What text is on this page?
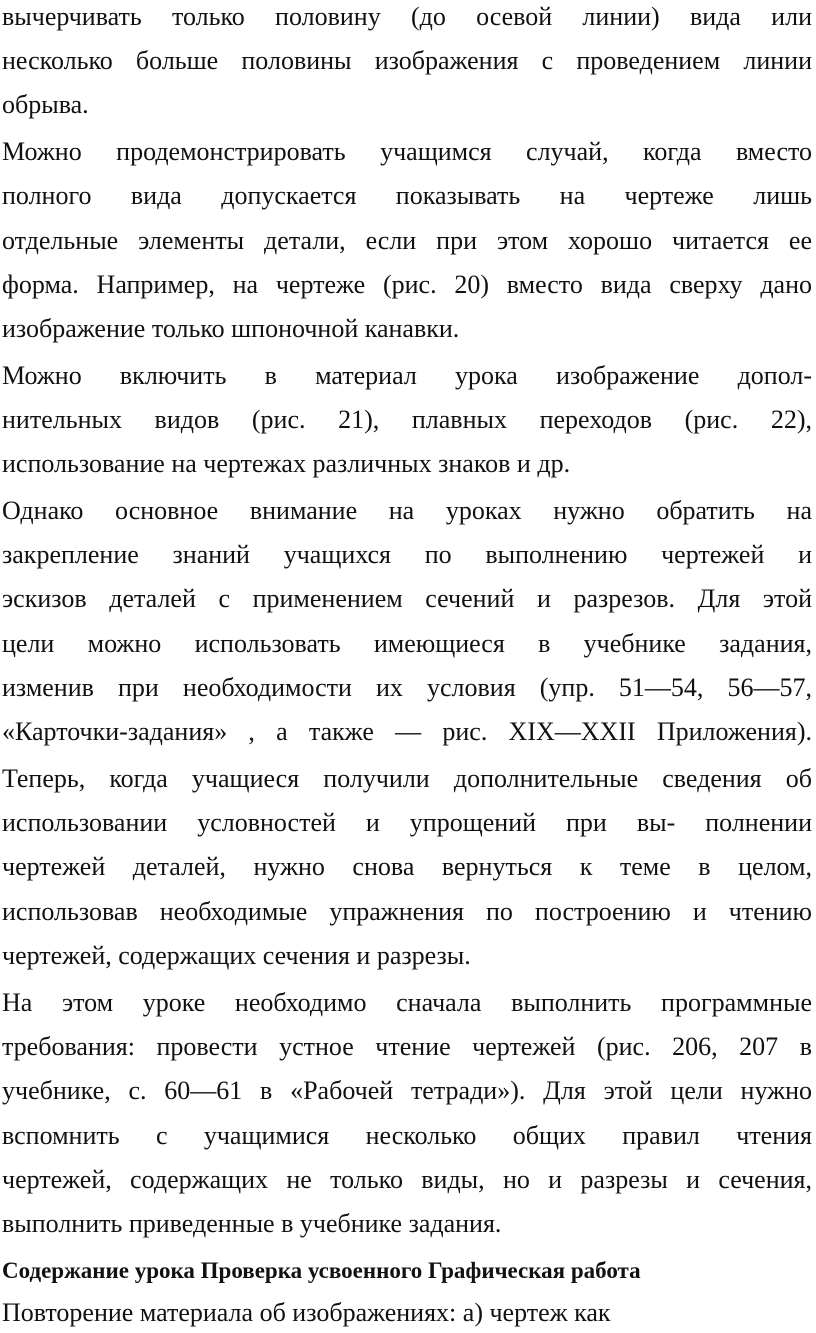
вычерчивать только половину (до осевой линии) вида или
несколько больше половины изображения с проведением линии
обрыва.
Можно продемонстрировать учащимся случай, когда вместо
полного вида допускается показывать на чертеже лишь
отдельные элементы детали, если при этом хорошо читается ее
форма. Например, на чертеже (рис. 20) вместо вида сверху дано
изображение только шпоночной канавки.
Можно включить в материал урока изображение допол-
нительных видов (рис. 21), плавных переходов (рис. 22),
использование на чертежах различных знаков и др.
Однако основное внимание на уроках нужно обратить на
закрепление знаний учащихся по выполнению чертежей и
эскизов деталей с применением сечений и разрезов. Для этой
цели можно использовать имеющиеся в учебнике задания,
изменив при необходимости их условия (упр. 51—54, 56—57,
«Карточки-задания» , а также — рис. XIX—XXII Приложения).
Теперь, когда учащиеся получили дополнительные сведения об
использовании условностей и упрощений при вы- полнении
чертежей деталей, нужно снова вернуться к теме в целом,
использовав необходимые упражнения по построению и чтению
чертежей, содержащих сечения и разрезы.
На этом уроке необходимо сначала выполнить программные
требования: провести устное чтение чертежей (рис. 206, 207 в
учебнике, с. 60—61 в «Рабочей тетради»). Для этой цели нужно
вспомнить с учащимися несколько общих правил чтения
чертежей, содержащих не только виды, но и разрезы и сечения,
выполнить приведенные в учебнике задания.
Содержание урока Проверка усвоенного Графическая работа
Повторение материала об изображениях: а) чертеж как
